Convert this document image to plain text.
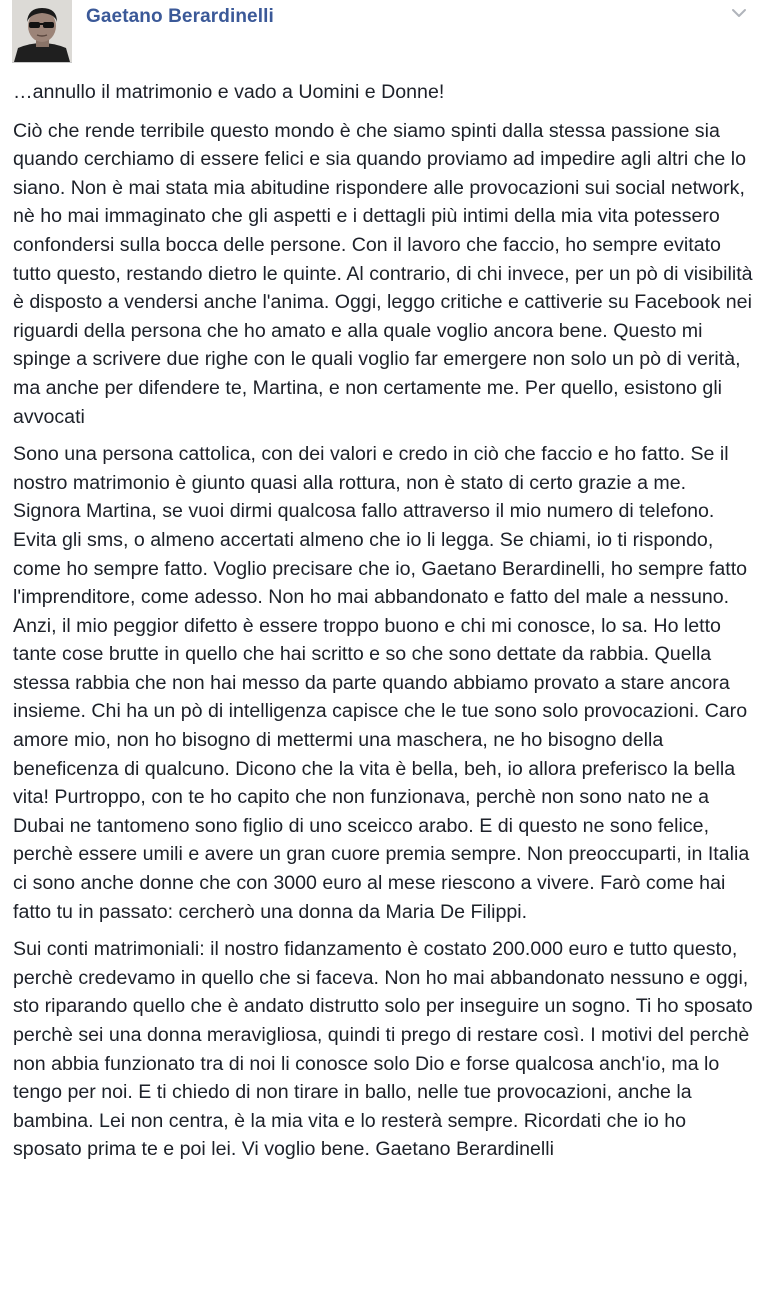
Gaetano Berardinelli

…annullo il matrimonio e vado a Uomini e Donne!

Ciò che rende terribile questo mondo è che siamo spinti dalla stessa passione sia quando cerchiamo di essere felici e sia quando proviamo ad impedire agli altri che lo siano. Non è mai stata mia abitudine rispondere alle provocazioni sui social network, nè ho mai immaginato che gli aspetti e i dettagli più intimi della mia vita potessero confondersi sulla bocca delle persone. Con il lavoro che faccio, ho sempre evitato tutto questo, restando dietro le quinte. Al contrario, di chi invece, per un pò di visibilità è disposto a vendersi anche l'anima. Oggi, leggo critiche e cattiverie su Facebook nei riguardi della persona che ho amato e alla quale voglio ancora bene. Questo mi spinge a scrivere due righe con le quali voglio far emergere non solo un pò di verità, ma anche per difendere te, Martina, e non certamente me. Per quello, esistono gli avvocati

Sono una persona cattolica, con dei valori e credo in ciò che faccio e ho fatto. Se il nostro matrimonio è giunto quasi alla rottura, non è stato di certo grazie a me. Signora Martina, se vuoi dirmi qualcosa fallo attraverso il mio numero di telefono. Evita gli sms, o almeno accertati almeno che io li legga. Se chiami, io ti rispondo, come ho sempre fatto. Voglio precisare che io, Gaetano Berardinelli, ho sempre fatto l'imprenditore, come adesso. Non ho mai abbandonato e fatto del male a nessuno. Anzi, il mio peggior difetto è essere troppo buono e chi mi conosce, lo sa. Ho letto tante cose brutte in quello che hai scritto e so che sono dettate da rabbia. Quella stessa rabbia che non hai messo da parte quando abbiamo provato a stare ancora insieme. Chi ha un pò di intelligenza capisce che le tue sono solo provocazioni. Caro amore mio, non ho bisogno di mettermi una maschera, ne ho bisogno della beneficenza di qualcuno. Dicono che la vita è bella, beh, io allora preferisco la bella vita! Purtroppo, con te ho capito che non funzionava, perchè non sono nato ne a Dubai ne tantomeno sono figlio di uno sceicco arabo. E di questo ne sono felice, perchè essere umili e avere un gran cuore premia sempre. Non preoccuparti, in Italia ci sono anche donne che con 3000 euro al mese riescono a vivere. Farò come hai fatto tu in passato: cercherò una donna da Maria De Filippi.

Sui conti matrimoniali: il nostro fidanzamento è costato 200.000 euro e tutto questo, perchè credevamo in quello che si faceva. Non ho mai abbandonato nessuno e oggi, sto riparando quello che è andato distrutto solo per inseguire un sogno. Ti ho sposato perchè sei una donna meravigliosa, quindi ti prego di restare così. I motivi del perchè non abbia funzionato tra di noi li conosce solo Dio e forse qualcosa anch'io, ma lo tengo per noi. E ti chiedo di non tirare in ballo, nelle tue provocazioni, anche la bambina. Lei non centra, è la mia vita e lo resterà sempre. Ricordati che io ho sposato prima te e poi lei. Vi voglio bene. Gaetano Berardinelli
